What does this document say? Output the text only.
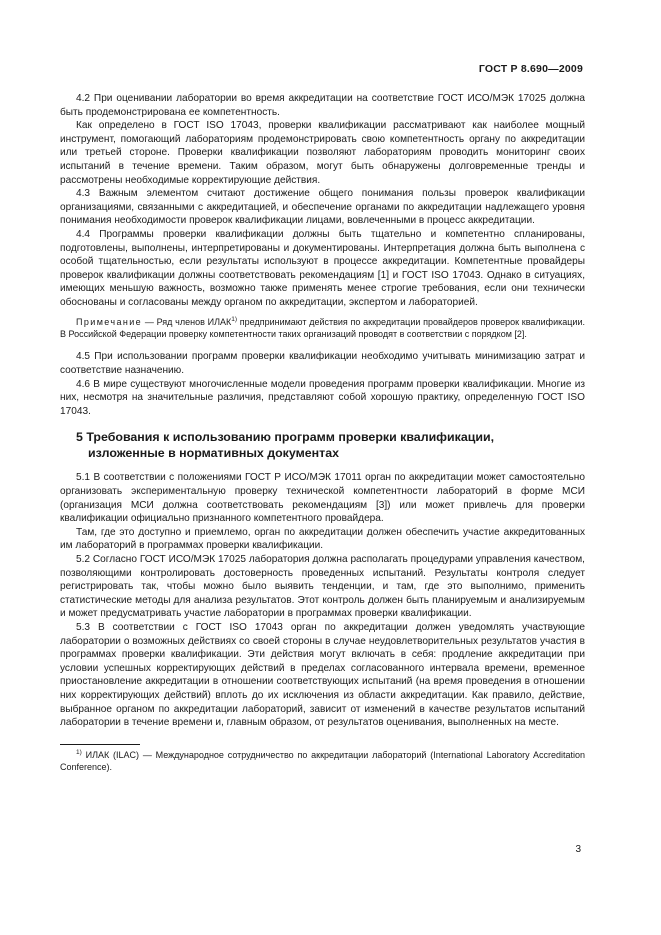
ГОСТ Р 8.690—2009

4.2 При оценивании лаборатории во время аккредитации на соответствие ГОСТ ИСО/МЭК 17025 должна быть продемонстрирована ее компетентность.

Как определено в ГОСТ ISO 17043, проверки квалификации рассматривают как наиболее мощный инструмент, помогающий лабораториям продемонстрировать свою компетентность органу по аккредитации или третьей стороне. Проверки квалификации позволяют лабораториям проводить мониторинг своих испытаний в течение времени. Таким образом, могут быть обнаружены долговременные тренды и рассмотрены необходимые корректирующие действия.

4.3 Важным элементом считают достижение общего понимания пользы проверок квалификации организациями, связанными с аккредитацией, и обеспечение органами по аккредитации надлежащего уровня понимания необходимости проверок квалификации лицами, вовлеченными в процесс аккредитации.

4.4 Программы проверки квалификации должны быть тщательно и компетентно спланированы, подготовлены, выполнены, интерпретированы и документированы. Интерпретация должна быть выполнена с особой тщательностью, если результаты используют в процессе аккредитации. Компетентные провайдеры проверок квалификации должны соответствовать рекомендациям [1] и ГОСТ ISO 17043. Однако в ситуациях, имеющих меньшую важность, возможно также применять менее строгие требования, если они технически обоснованы и согласованы между органом по аккредитации, экспертом и лабораторией.

Примечание — Ряд членов ИЛАК$^{1)}$ предпринимают действия по аккредитации провайдеров проверок квалификации. В Российской Федерации проверку компетентности таких организаций проводят в соответствии с порядком [2].

4.5 При использовании программ проверки квалификации необходимо учитывать минимизацию затрат и соответствие назначению.

4.6 В мире существуют многочисленные модели проведения программ проверки квалификации. Многие из них, несмотря на значительные различия, представляют собой хорошую практику, определенную ГОСТ ISO 17043.

5 Требования к использованию программ проверки квалификации,
изложенные в нормативных документах

5.1 В соответствии с положениями ГОСТ Р ИСО/МЭК 17011 орган по аккредитации может самостоятельно организовать экспериментальную проверку технической компетентности лабораторий в форме МСИ (организация МСИ должна соответствовать рекомендациям [3]) или может привлечь для проверки квалификации официально признанного компетентного провайдера.

Там, где это доступно и приемлемо, орган по аккредитации должен обеспечить участие аккредитованных им лабораторий в программах проверки квалификации.

5.2 Согласно ГОСТ ИСО/МЭК 17025 лаборатория должна располагать процедурами управления качеством, позволяющими контролировать достоверность проведенных испытаний. Результаты контроля следует регистрировать так, чтобы можно было выявить тенденции, и там, где это выполнимо, применить статистические методы для анализа результатов. Этот контроль должен быть планируемым и анализируемым и может предусматривать участие лаборатории в программах проверки квалификации.

5.3 В соответствии с ГОСТ ISO 17043 орган по аккредитации должен уведомлять участвующие лаборатории о возможных действиях со своей стороны в случае неудовлетворительных результатов участия в программах проверки квалификации. Эти действия могут включать в себя: продление аккредитации при условии успешных корректирующих действий в пределах согласованного интервала времени, временное приостановление аккредитации в отношении соответствующих испытаний (на время проведения в отношении них корректирующих действий) вплоть до их исключения из области аккредитации. Как правило, действие, выбранное органом по аккредитации лабораторий, зависит от изменений в качестве результатов испытаний лаборатории в течение времени и, главным образом, от результатов оценивания, выполненных на месте.

$^{1)}$ ИЛАК (ILAC) — Международное сотрудничество по аккредитации лабораторий (International Laboratory Accreditation Conference).

3
